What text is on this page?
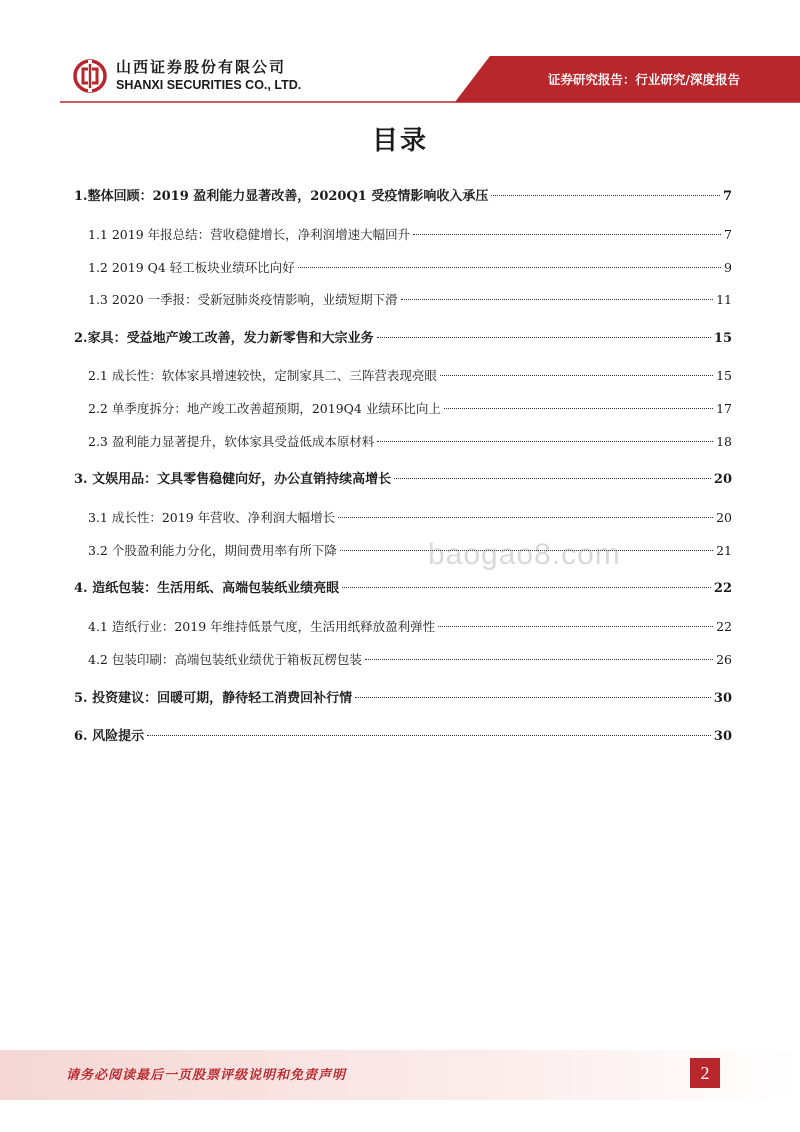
山西证券股份有限公司
SHANXI SECURITIES CO., LTD.	证券研究报告：行业研究/深度报告
目录
1.整体回顾：2019 盈利能力显著改善，2020Q1 受疫情影响收入承压	7
1.1 2019 年报总结：营收稳健增长，净利润增速大幅回升	7
1.2 2019 Q4 轻工板块业绩环比向好	9
1.3 2020 一季报：受新冠肺炎疫情影响，业绩短期下滑	11
2.家具：受益地产竣工改善，发力新零售和大宗业务	15
2.1 成长性：软体家具增速较快，定制家具二、三阵营表现亮眼	15
2.2 单季度拆分：地产竣工改善超预期，2019Q4 业绩环比向上	17
2.3 盈利能力显著提升，软体家具受益低成本原材料	18
3. 文娱用品：文具零售稳健向好，办公直销持续高增长	20
3.1 成长性：2019 年营收、净利润大幅增长	20
3.2 个股盈利能力分化，期间费用率有所下降	21
4. 造纸包装：生活用纸、高端包装纸业绩亮眼	22
4.1 造纸行业：2019 年维持低景气度，生活用纸释放盈利弹性	22
4.2 包装印刷：高端包装纸业绩优于箱板瓦楞包装	26
5. 投资建议：回暖可期，静待轻工消费回补行情	30
6. 风险提示	30
baogao8.com
请务必阅读最后一页股票评级说明和免责声明	2
